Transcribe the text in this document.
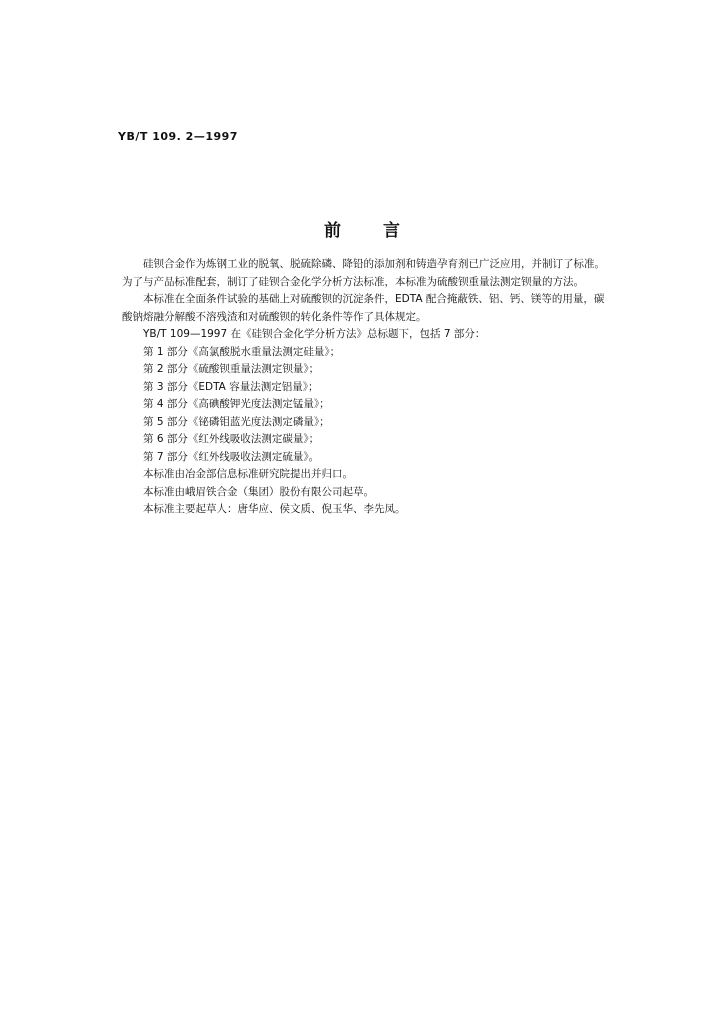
YB/T 109. 2—1997
前 言

硅钡合金作为炼钢工业的脱氧、脱硫除磷、降铅的添加剂和铸造孕育剂已广泛应用，并制订了标准。

为了与产品标准配套，制订了硅钡合金化学分析方法标准，本标准为硫酸钡重量法测定钡量的方法。

本标准在全面条件试验的基础上对硫酸钡的沉淀条件，EDTA 配合掩蔽铁、铝、钙、镁等的用量，碳

酸钠熔融分解酸不溶残渣和对硫酸钡的转化条件等作了具体规定。

YB/T 109—1997 在《硅钡合金化学分析方法》总标题下，包括 7 部分：

第 1 部分《高氯酸脱水重量法测定硅量》；

第 2 部分《硫酸钡重量法测定钡量》；

第 3 部分《EDTA 容量法测定铝量》；

第 4 部分《高碘酸钾光度法测定锰量》；

第 5 部分《铋磷钼蓝光度法测定磷量》；

第 6 部分《红外线吸收法测定碳量》；

第 7 部分《红外线吸收法测定硫量》。

本标准由冶金部信息标准研究院提出并归口。

本标准由峨眉铁合金（集团）股份有限公司起草。

本标准主要起草人：唐华应、侯文质、倪玉华、李先凤。
